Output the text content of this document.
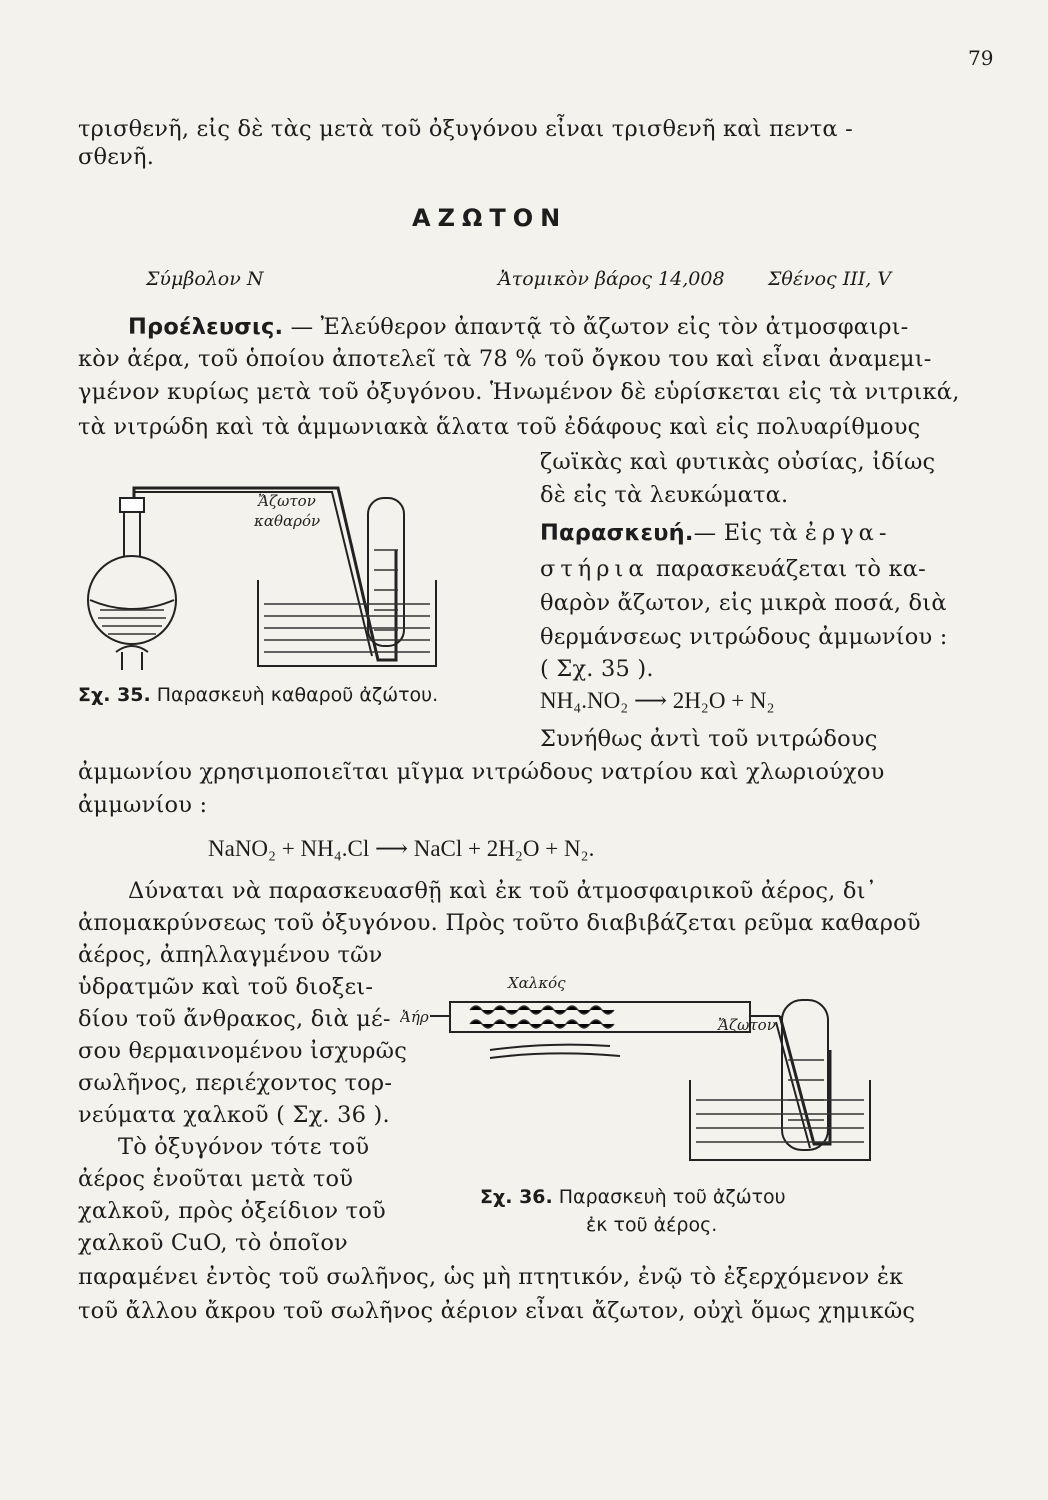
79
τρισθενῆ, εἰς δὲ τὰς μετὰ τοῦ ὀξυγόνου εἶναι τρισθενῆ καὶ πεντα -
σθενῆ.
ΑΖΩΤΟΝ
Σύμβολον N	Ἀτομικὸν βάρος 14,008 Σθένος III, V
Προέλευσις. — Ἐλεύθερον ἀπαντᾷ τὸ ἄζωτον εἰς τὸν ἀτμοσφαιρι-
κὸν ἀέρα, τοῦ ὁποίου ἀποτελεῖ τὰ 78 % τοῦ ὄγκου του καὶ εἶναι ἀναμεμι-
γμένον κυρίως μετὰ τοῦ ὀξυγόνου. Ἡνωμένον δὲ εὑρίσκεται εἰς τὰ νιτρικά,
τὰ νιτρώδη καὶ τὰ ἀμμωνιακὰ ἅλατα τοῦ ἐδάφους καὶ εἰς πολυαρίθμους
ζωϊκὰς καὶ φυτικὰς οὐσίας, ἰδίως
δὲ εἰς τὰ λευκώματα.
Παρασκευή.— Εἰς τὰ ἐργα-
στήρια παρασκευάζεται τὸ κα-
θαρὸν ἄζωτον, εἰς μικρὰ ποσά, διὰ
θερμάνσεως νιτρώδους ἀμμωνίου :
( Σχ. 35 ).
Ἄζωτον
καθαρόν
Σχ. 35. Παρασκευὴ καθαροῦ ἀζώτου.	NH₄.NO₂ ⟶ 2H₂O + N₂
Συνήθως ἀντὶ τοῦ νιτρώδους
ἀμμωνίου χρησιμοποιεῖται μῖγμα νιτρώδους νατρίου καὶ χλωριούχου
ἀμμωνίου :
NaNO₂ + NH₄.Cl ⟶ NaCl + 2H₂O + N₂.
Δύναται νὰ παρασκευασθῇ καὶ ἐκ τοῦ ἀτμοσφαιρικοῦ ἀέρος, δι᾽
ἀπομακρύνσεως τοῦ ὀξυγόνου. Πρὸς τοῦτο διαβιβάζεται ρεῦμα καθαροῦ
ἀέρος, ἀπηλλαγμένου τῶν
ὑδρατμῶν καὶ τοῦ διοξει-
δίου τοῦ ἄνθρακος, διὰ μέ-
σου θερμαινομένου ἰσχυρῶς
σωλῆνος, περιέχοντος τορ-
νεύματα χαλκοῦ ( Σχ. 36 ).
Τὸ ὀξυγόνον τότε τοῦ
ἀέρος ἑνοῦται μετὰ τοῦ
χαλκοῦ, πρὸς ὀξείδιον τοῦ
χαλκοῦ CuO, τὸ ὁποῖον
παραμένει ἐντὸς τοῦ σωλῆνος, ὡς μὴ πτητικόν, ἐνῷ τὸ ἐξερχόμενον ἐκ
τοῦ ἄλλου ἄκρου τοῦ σωλῆνος ἀέριον εἶναι ἄζωτον, οὐχὶ ὅμως χημικῶς
Χαλκός
Ἀήρ	Ἄζωτον
Σχ. 36. Παρασκευὴ τοῦ ἀζώτου
ἐκ τοῦ ἀέρος.
